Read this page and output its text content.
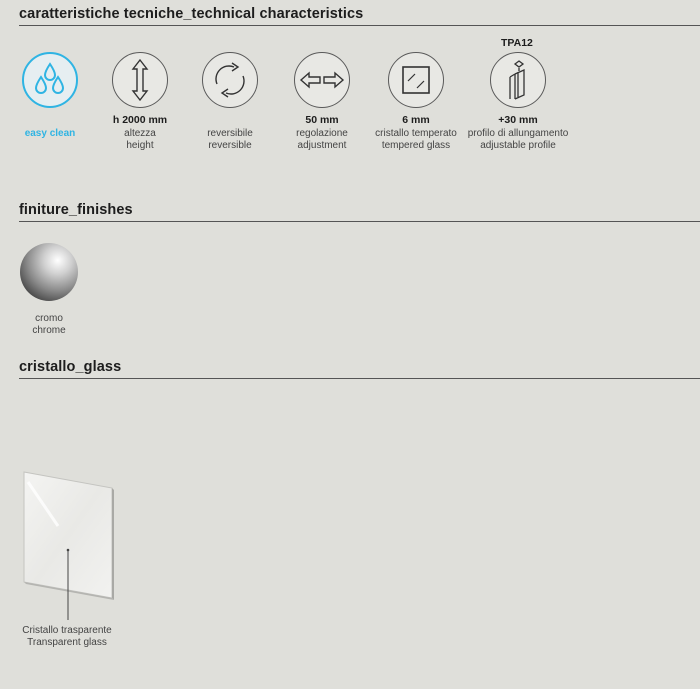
caratteristiche tecniche_technical characteristics
TPA12
easy clean
h 2000 mm
altezza
height
reversibile
reversible
50 mm
regolazione
adjustment
6 mm
cristallo temperato
tempered glass
+30 mm
profilo di allungamento
adjustable profile
finiture_finishes
cromo
chrome
cristallo_glass
Cristallo trasparente
Transparent glass
